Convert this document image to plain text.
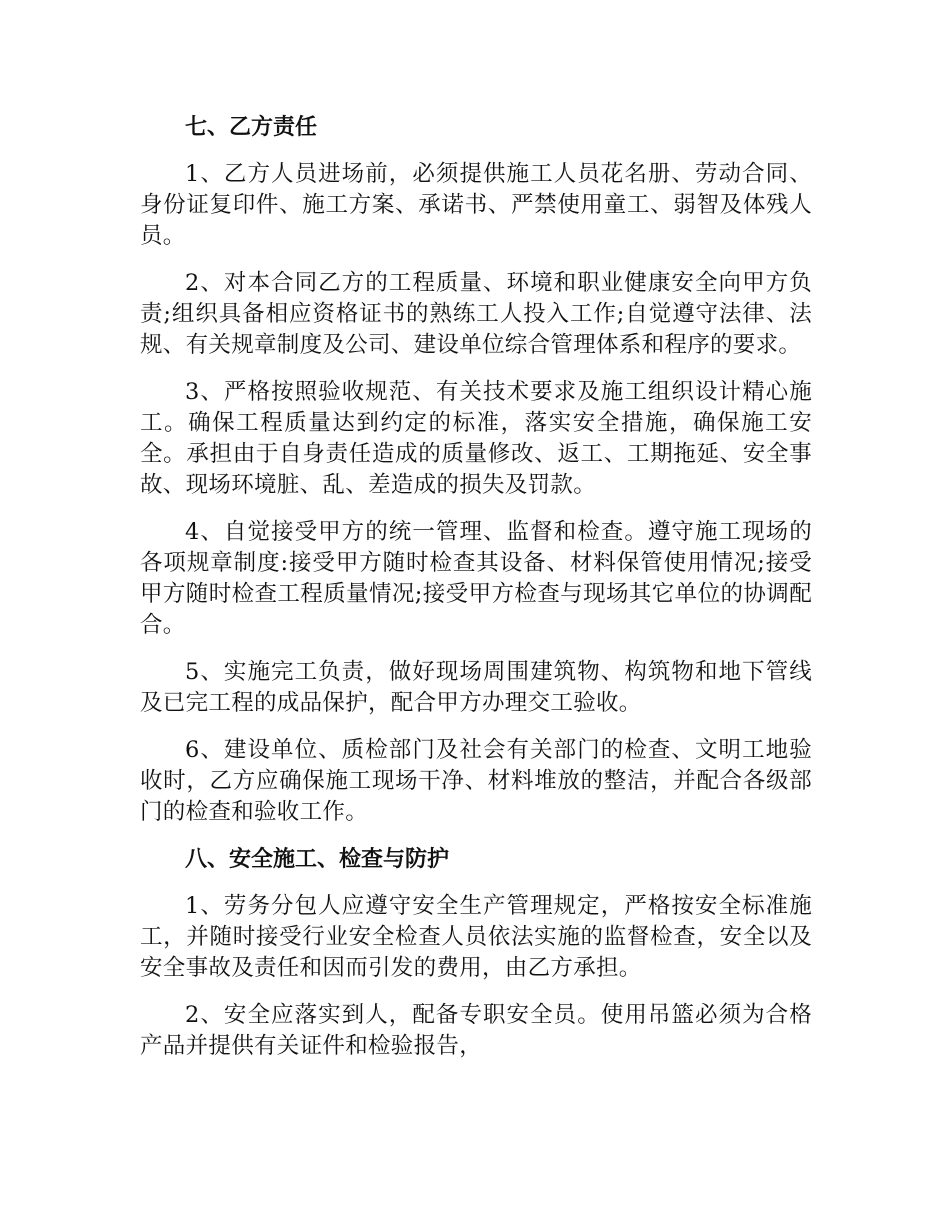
七、乙方责任

1、乙方人员进场前，必须提供施工人员花名册、劳动合同、身份证复印件、施工方案、承诺书、严禁使用童工、弱智及体残人员。

2、对本合同乙方的工程质量、环境和职业健康安全向甲方负责;组织具备相应资格证书的熟练工人投入工作;自觉遵守法律、法规、有关规章制度及公司、建设单位综合管理体系和程序的要求。

3、严格按照验收规范、有关技术要求及施工组织设计精心施工。确保工程质量达到约定的标准，落实安全措施，确保施工安全。承担由于自身责任造成的质量修改、返工、工期拖延、安全事故、现场环境脏、乱、差造成的损失及罚款。

4、自觉接受甲方的统一管理、监督和检查。遵守施工现场的各项规章制度:接受甲方随时检查其设备、材料保管使用情况;接受甲方随时检查工程质量情况;接受甲方检查与现场其它单位的协调配合。

5、实施完工负责，做好现场周围建筑物、构筑物和地下管线及已完工程的成品保护，配合甲方办理交工验收。

6、建设单位、质检部门及社会有关部门的检查、文明工地验收时，乙方应确保施工现场干净、材料堆放的整洁，并配合各级部门的检查和验收工作。

八、安全施工、检查与防护

1、劳务分包人应遵守安全生产管理规定，严格按安全标准施工，并随时接受行业安全检查人员依法实施的监督检查，安全以及安全事故及责任和因而引发的费用，由乙方承担。

2、安全应落实到人，配备专职安全员。使用吊篮必须为合格产品并提供有关证件和检验报告，
